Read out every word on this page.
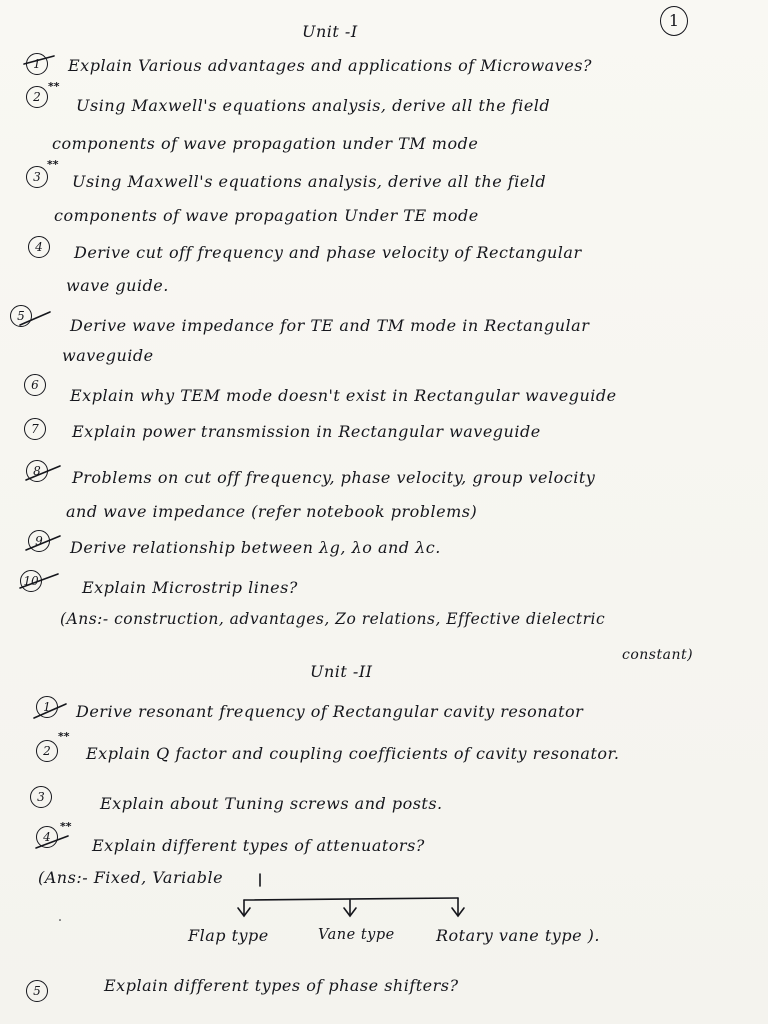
Unit -I
1
1	Explain Various advantages and applications of Microwaves?
2
**
Using Maxwell's equations analysis, derive all the field
components of wave propagation under TM mode
3
**
Using Maxwell's equations analysis, derive all the field
components of wave propagation Under TE mode
4	Derive cut off frequency and phase velocity of Rectangular
wave guide.
5	Derive wave impedance for TE and TM mode in Rectangular
waveguide
6
Explain why TEM mode doesn't exist in Rectangular waveguide
7	Explain power transmission in Rectangular waveguide
8	Problems on cut off frequency, phase velocity, group velocity
and wave impedance (refer notebook problems)
9	Derive relationship between λg, λo and λc.
10	Explain Microstrip lines?
(Ans:- construction, advantages, Zo relations, Effective dielectric
constant)
Unit -II
1	Derive resonant frequency of Rectangular cavity resonator
2
**
Explain Q factor and coupling coefficients of cavity resonator.
3	Explain about Tuning screws and posts.
4
**
Explain different types of attenuators?
(Ans:- Fixed, Variable
Flap type	Vane type	Rotary vane type ).
5	Explain different types of phase shifters?
